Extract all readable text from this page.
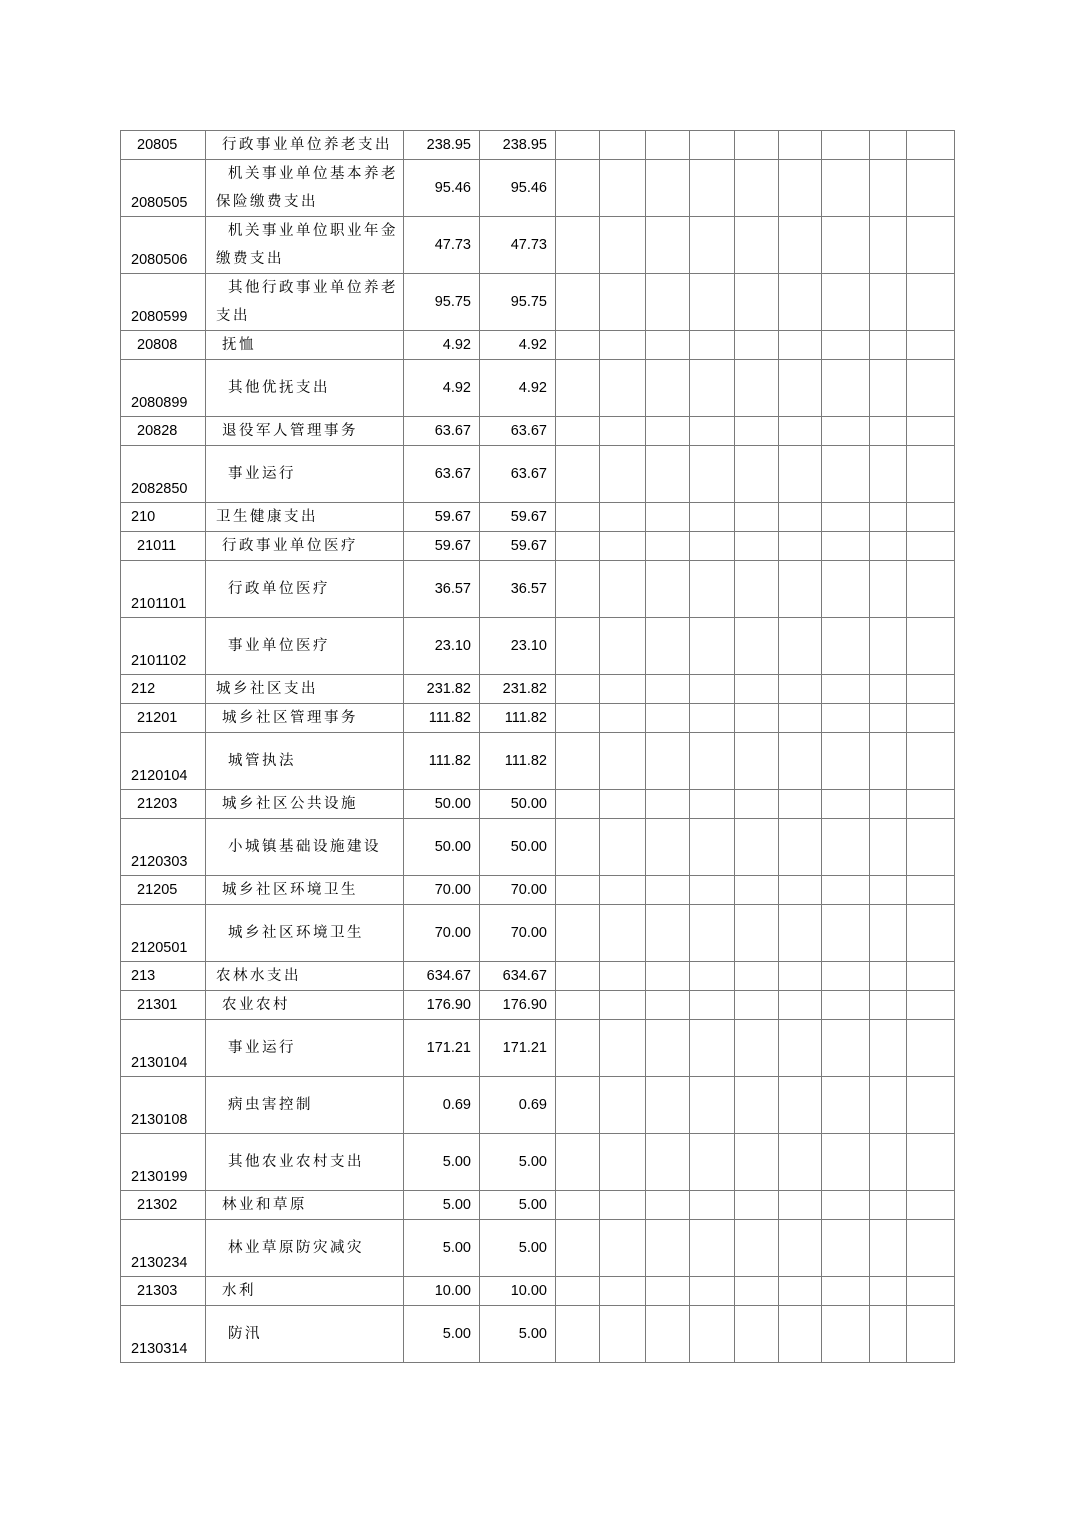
20805	行政事业单位养老支出	238.95	238.95									

2080505	机关事业单位基本养老保险缴费支出	95.46	95.46									

2080506	机关事业单位职业年金缴费支出	47.73	47.73									

2080599	其他行政事业单位养老支出	95.75	95.75									

20808	抚恤	4.92	4.92									

2080899	其他优抚支出	4.92	4.92									

20828	退役军人管理事务	63.67	63.67									

2082850	事业运行	63.67	63.67									

210	卫生健康支出	59.67	59.67									

21011	行政事业单位医疗	59.67	59.67									

2101101	行政单位医疗	36.57	36.57									

2101102	事业单位医疗	23.10	23.10									

212	城乡社区支出	231.82	231.82									

21201	城乡社区管理事务	111.82	111.82									

2120104	城管执法	111.82	111.82									

21203	城乡社区公共设施	50.00	50.00									

2120303	小城镇基础设施建设	50.00	50.00									

21205	城乡社区环境卫生	70.00	70.00									

2120501	城乡社区环境卫生	70.00	70.00									

213	农林水支出	634.67	634.67									

21301	农业农村	176.90	176.90									

2130104	事业运行	171.21	171.21									

2130108	病虫害控制	0.69	0.69									

2130199	其他农业农村支出	5.00	5.00									

21302	林业和草原	5.00	5.00									

2130234	林业草原防灾减灾	5.00	5.00									

21303	水利	10.00	10.00									

2130314	防汛	5.00	5.00									
